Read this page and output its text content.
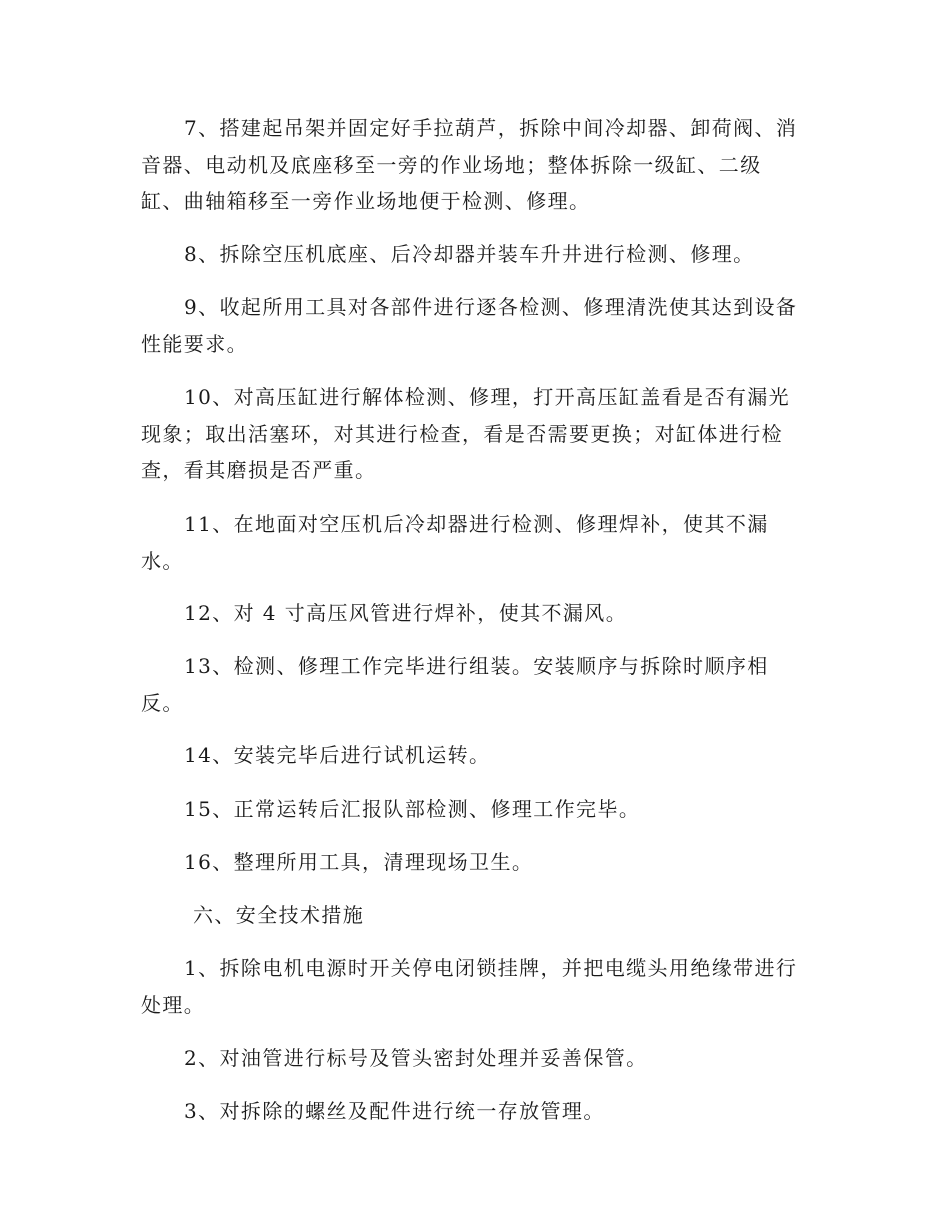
7、搭建起吊架并固定好手拉葫芦，拆除中间冷却器、卸荷阀、消
音器、电动机及底座移至一旁的作业场地；整体拆除一级缸、二级
缸、曲轴箱移至一旁作业场地便于检测、修理。

8、拆除空压机底座、后冷却器并装车升井进行检测、修理。

9、收起所用工具对各部件进行逐各检测、修理清洗使其达到设备
性能要求。

10、对高压缸进行解体检测、修理，打开高压缸盖看是否有漏光
现象；取出活塞环，对其进行检查，看是否需要更换；对缸体进行检
查，看其磨损是否严重。

11、在地面对空压机后冷却器进行检测、修理焊补，使其不漏
水。

12、对 4 寸高压风管进行焊补，使其不漏风。

13、检测、修理工作完毕进行组装。安装顺序与拆除时顺序相
反。

14、安装完毕后进行试机运转。

15、正常运转后汇报队部检测、修理工作完毕。

16、整理所用工具，清理现场卫生。

六、安全技术措施

1、拆除电机电源时开关停电闭锁挂牌，并把电缆头用绝缘带进行
处理。

2、对油管进行标号及管头密封处理并妥善保管。

3、对拆除的螺丝及配件进行统一存放管理。
